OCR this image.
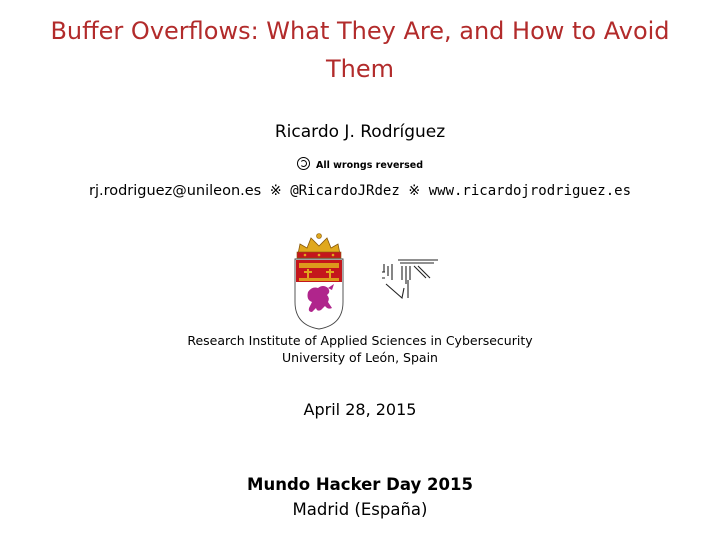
Buffer Overflows: What They Are, and How to Avoid
Them
Ricardo J. Rodríguez
All wrongs reversed
rj.rodriguez@unileon.es ※ @RicardoJRdez ※ www.ricardojrodriguez.es
Research Institute of Applied Sciences in Cybersecurity
University of León, Spain
April 28, 2015
Mundo Hacker Day 2015
Madrid (España)
